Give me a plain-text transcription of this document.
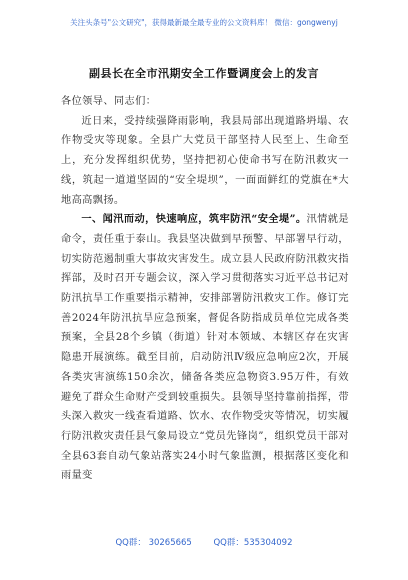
关注头条号"公文研究"，获得最新最全最专业的公文资料库！ 微信：gongwenyj
副县长在全市汛期安全工作暨调度会上的发言

各位领导、同志们：

近日来，受持续强降雨影响，我县局部出现道路坍塌、农作物受灾等现象。全县广大党员干部坚持人民至上、生命至上，充分发挥组织优势，坚持把初心使命书写在防汛救灾一线，筑起一道道坚固的“安全堤坝”，一面面鲜红的党旗在*大地高高飘扬。

一、闻汛而动，快速响应，筑牢防汛“安全堤”。汛情就是命令，责任重于泰山。我县坚决做到早预警、早部署早行动，切实防范遏制重大事故灾害发生。成立县人民政府防汛救灾指挥部，及时召开专题会议，深入学习贯彻落实习近平总书记对防汛抗旱工作重要指示精神，安排部署防汛救灾工作。修订完善2024年防汛抗旱应急预案，督促各防指成员单位完成各类预案，全县28个乡镇（街道）针对本领域、本辖区存在灾害隐患开展演练。截至目前，启动防汛Ⅳ级应急响应2次，开展各类灾害演练150余次，储备各类应急物资3.95万件，有效避免了群众生命财产受到较重损失。县领导坚持靠前指挥，带头深入救灾一线查看道路、饮水、农作物受灾等情况，切实履行防汛救灾责任县气象局设立“党员先锋岗”，组织党员干部对全县63套自动气象站落实24小时气象监测，根据落区变化和雨量变

QQ群： 30265665        QQ群：535304092
